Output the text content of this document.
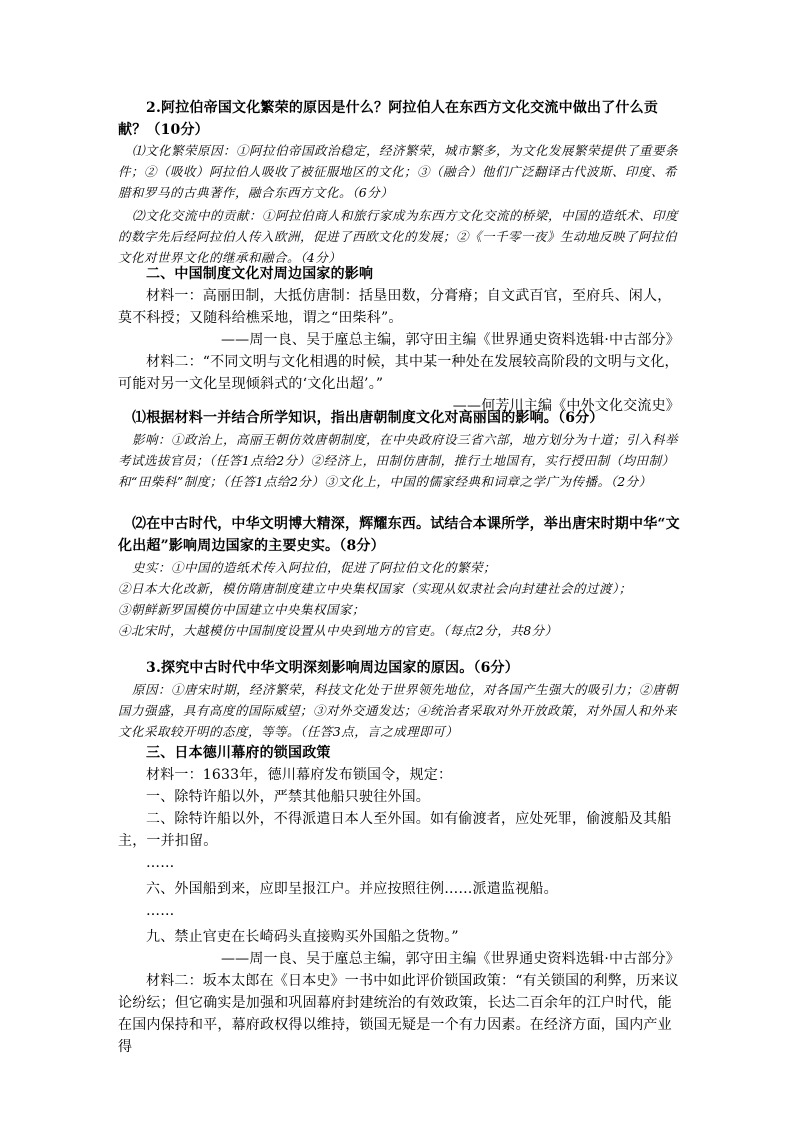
2.阿拉伯帝国文化繁荣的原因是什么？阿拉伯人在东西方文化交流中做出了什么贡献？（10分）

⑴文化繁荣原因：①阿拉伯帝国政治稳定，经济繁荣，城市繁多，为文化发展繁荣提供了重要条件；②（吸收）阿拉伯人吸收了被征服地区的文化；③（融合）他们广泛翻译古代波斯、印度、希腊和罗马的古典著作，融合东西方文化。（6分）

⑵文化交流中的贡献：①阿拉伯商人和旅行家成为东西方文化交流的桥梁，中国的造纸术、印度的数字先后经阿拉伯人传入欧洲，促进了西欧文化的发展；②《一千零一夜》生动地反映了阿拉伯文化对世界文化的继承和融合。（4分）

二、中国制度文化对周边国家的影响

材料一：高丽田制，大抵仿唐制：括垦田数，分膏瘠；自文武百官，至府兵、闲人，莫不科授；又随科给樵采地，谓之“田柴科”。

——周一良、吴于廑总主编，郭守田主编《世界通史资料选辑·中古部分》

材料二：“不同文明与文化相遇的时候，其中某一种处在发展较高阶段的文明与文化，可能对另一文化呈现倾斜式的‘文化出超’。”

——何芳川主编《中外文化交流史》

⑴根据材料一并结合所学知识，指出唐朝制度文化对高丽国的影响。（6分）

影响：①政治上，高丽王朝仿效唐朝制度，在中央政府设三省六部，地方划分为十道；引入科举考试选拔官员；（任答1点给2分）②经济上，田制仿唐制，推行土地国有，实行授田制（均田制）和“田柴科”制度；（任答1点给2分）③文化上，中国的儒家经典和词章之学广为传播。（2分）

⑵在中古时代，中华文明博大精深，辉耀东西。试结合本课所学，举出唐宋时期中华“文化出超”影响周边国家的主要史实。（8分）

史实：①中国的造纸术传入阿拉伯，促进了阿拉伯文化的繁荣；

②日本大化改新，模仿隋唐制度建立中央集权国家（实现从奴隶社会向封建社会的过渡）；

③朝鲜新罗国模仿中国建立中央集权国家；

④北宋时，大越模仿中国制度设置从中央到地方的官吏。（每点2分，共8分）

3.探究中古时代中华文明深刻影响周边国家的原因。（6分）

原因：①唐宋时期，经济繁荣，科技文化处于世界领先地位，对各国产生强大的吸引力；②唐朝国力强盛，具有高度的国际威望；③对外交通发达；④统治者采取对外开放政策，对外国人和外来文化采取较开明的态度，等等。（任答3点，言之成理即可）

三、日本德川幕府的锁国政策

材料一：1633年，德川幕府发布锁国令，规定：

一、除特许船以外，严禁其他船只驶往外国。

二、除特许船以外，不得派遣日本人至外国。如有偷渡者，应处死罪，偷渡船及其船主，一并扣留。

……

六、外国船到来，应即呈报江户。并应按照往例……派遣监视船。

……

九、禁止官吏在长崎码头直接购买外国船之货物。”

——周一良、吴于廑总主编，郭守田主编《世界通史资料选辑·中古部分》

材料二：坂本太郎在《日本史》一书中如此评价锁国政策：“有关锁国的利弊，历来议论纷纭；但它确实是加强和巩固幕府封建统治的有效政策，长达二百余年的江户时代，能在国内保持和平，幕府政权得以维持，锁国无疑是一个有力因素。在经济方面，国内产业得
